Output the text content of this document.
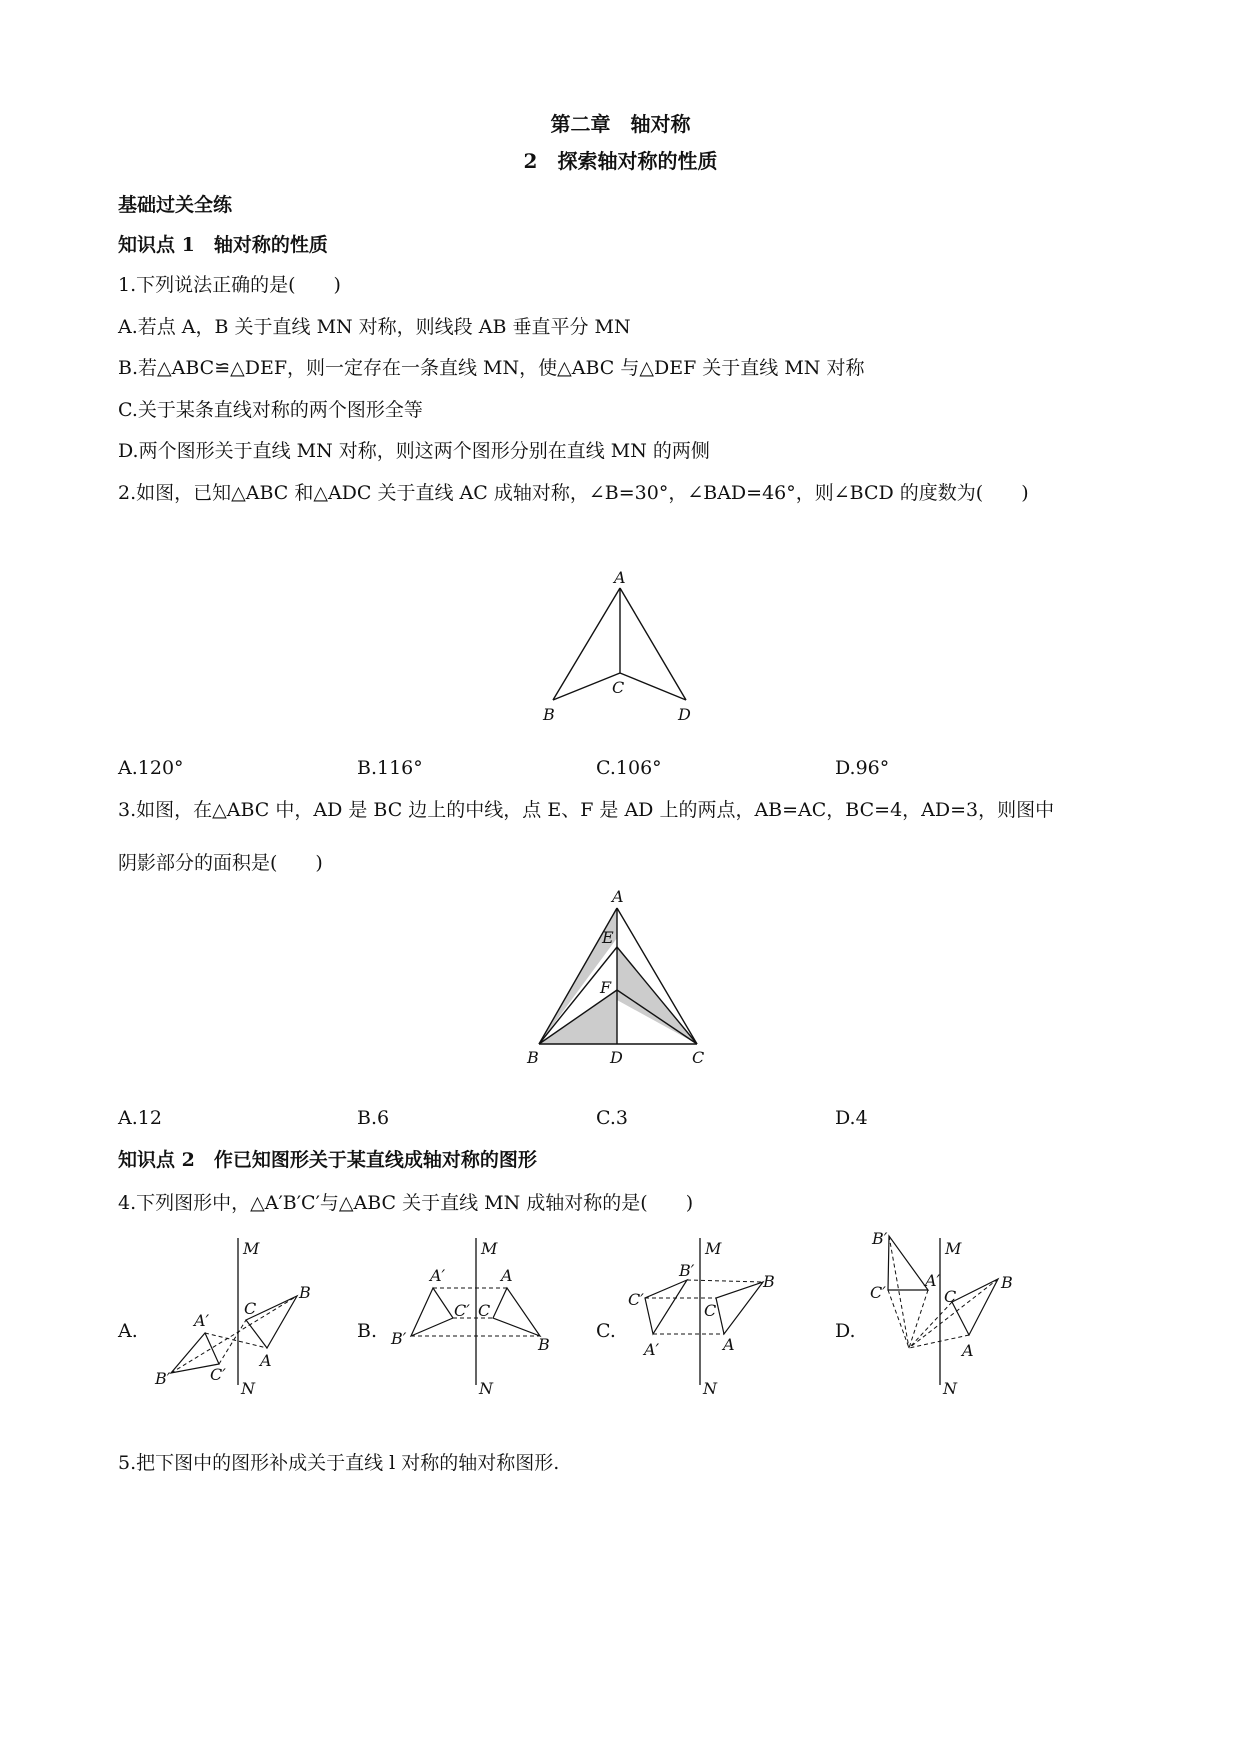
第二章　轴对称
2　探索轴对称的性质
基础过关全练
知识点 1　轴对称的性质
1.下列说法正确的是(　　)
A.若点 A，B 关于直线 MN 对称，则线段 AB 垂直平分 MN
B.若△ABC≌△DEF，则一定存在一条直线 MN，使△ABC 与△DEF 关于直线 MN 对称
C.关于某条直线对称的两个图形全等
D.两个图形关于直线 MN 对称，则这两个图形分别在直线 MN 的两侧
2.如图，已知△ABC 和△ADC 关于直线 AC 成轴对称，∠B=30°，∠BAD=46°，则∠BCD 的度数为(　　)
A
B
C
D
A.120°	B.116°	C.106°	D.96°
3.如图，在△ABC 中，AD 是 BC 边上的中线，点 E、F 是 AD 上的两点，AB=AC，BC=4，AD=3，则图中
阴影部分的面积是(　　)
A
E
F
B	D	C
A.12	B.6	C.3	D.4
知识点 2　作已知图形关于某直线成轴对称的图形
4.下列图形中，△A′B′C′与△ABC 关于直线 MN 成轴对称的是(　　)
A.	B.	C.	D.
M
N
A′
B′ C′
C
B
A
M
N
A′
B′
C′
A
B
C
M
N
B′
C′
A′
B
C
A
M
N
B′
C′
A′
C
B
A
5.把下图中的图形补成关于直线 l 对称的轴对称图形.
